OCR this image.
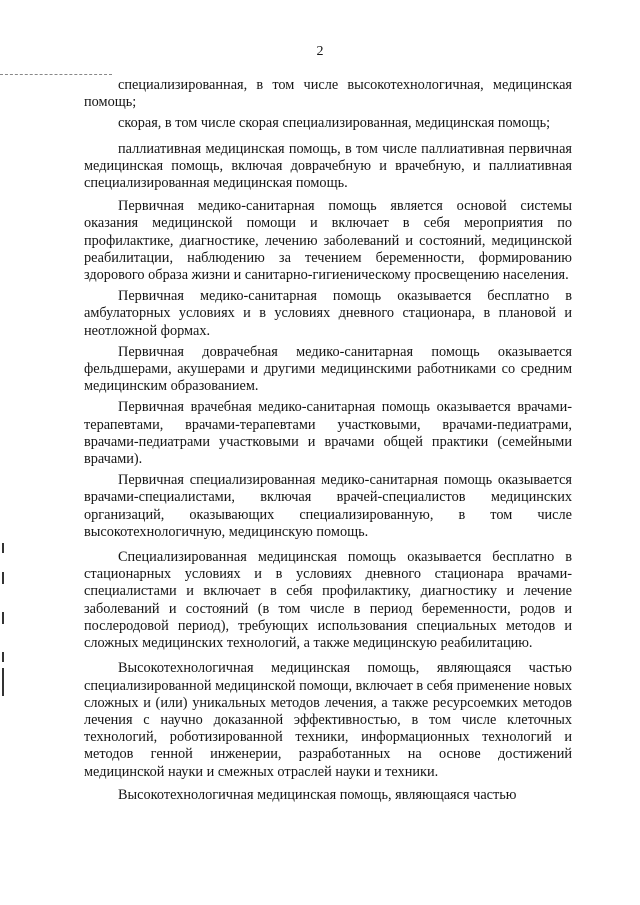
2

специализированная, в том числе высокотехнологичная, медицинская помощь;

скорая, в том числе скорая специализированная, медицинская помощь;

паллиативная медицинская помощь, в том числе паллиативная первичная медицинская помощь, включая доврачебную и врачебную, и паллиативная специализированная медицинская помощь.

Первичная медико-санитарная помощь является основой системы оказания медицинской помощи и включает в себя мероприятия по профилактике, диагностике, лечению заболеваний и состояний, медицинской реабилитации, наблюдению за течением беременности, формированию здорового образа жизни и санитарно-гигиеническому просвещению населения.

Первичная медико-санитарная помощь оказывается бесплатно в амбулаторных условиях и в условиях дневного стационара, в плановой и неотложной формах.

Первичная доврачебная медико-санитарная помощь оказывается фельдшерами, акушерами и другими медицинскими работниками со средним медицинским образованием.

Первичная врачебная медико-санитарная помощь оказывается врачами-терапевтами, врачами-терапевтами участковыми, врачами-педиатрами, врачами-педиатрами участковыми и врачами общей практики (семейными врачами).

Первичная специализированная медико-санитарная помощь оказывается врачами-специалистами, включая врачей-специалистов медицинских организаций, оказывающих специализированную, в том числе высокотехнологичную, медицинскую помощь.

Специализированная медицинская помощь оказывается бесплатно в стационарных условиях и в условиях дневного стационара врачами-специалистами и включает в себя профилактику, диагностику и лечение заболеваний и состояний (в том числе в период беременности, родов и послеродовой период), требующих использования специальных методов и сложных медицинских технологий, а также медицинскую реабилитацию.

Высокотехнологичная медицинская помощь, являющаяся частью специализированной медицинской помощи, включает в себя применение новых сложных и (или) уникальных методов лечения, а также ресурсоемких методов лечения с научно доказанной эффективностью, в том числе клеточных технологий, роботизированной техники, информационных технологий и методов генной инженерии, разработанных на основе достижений медицинской науки и смежных отраслей науки и техники.

Высокотехнологичная медицинская помощь, являющаяся частью
